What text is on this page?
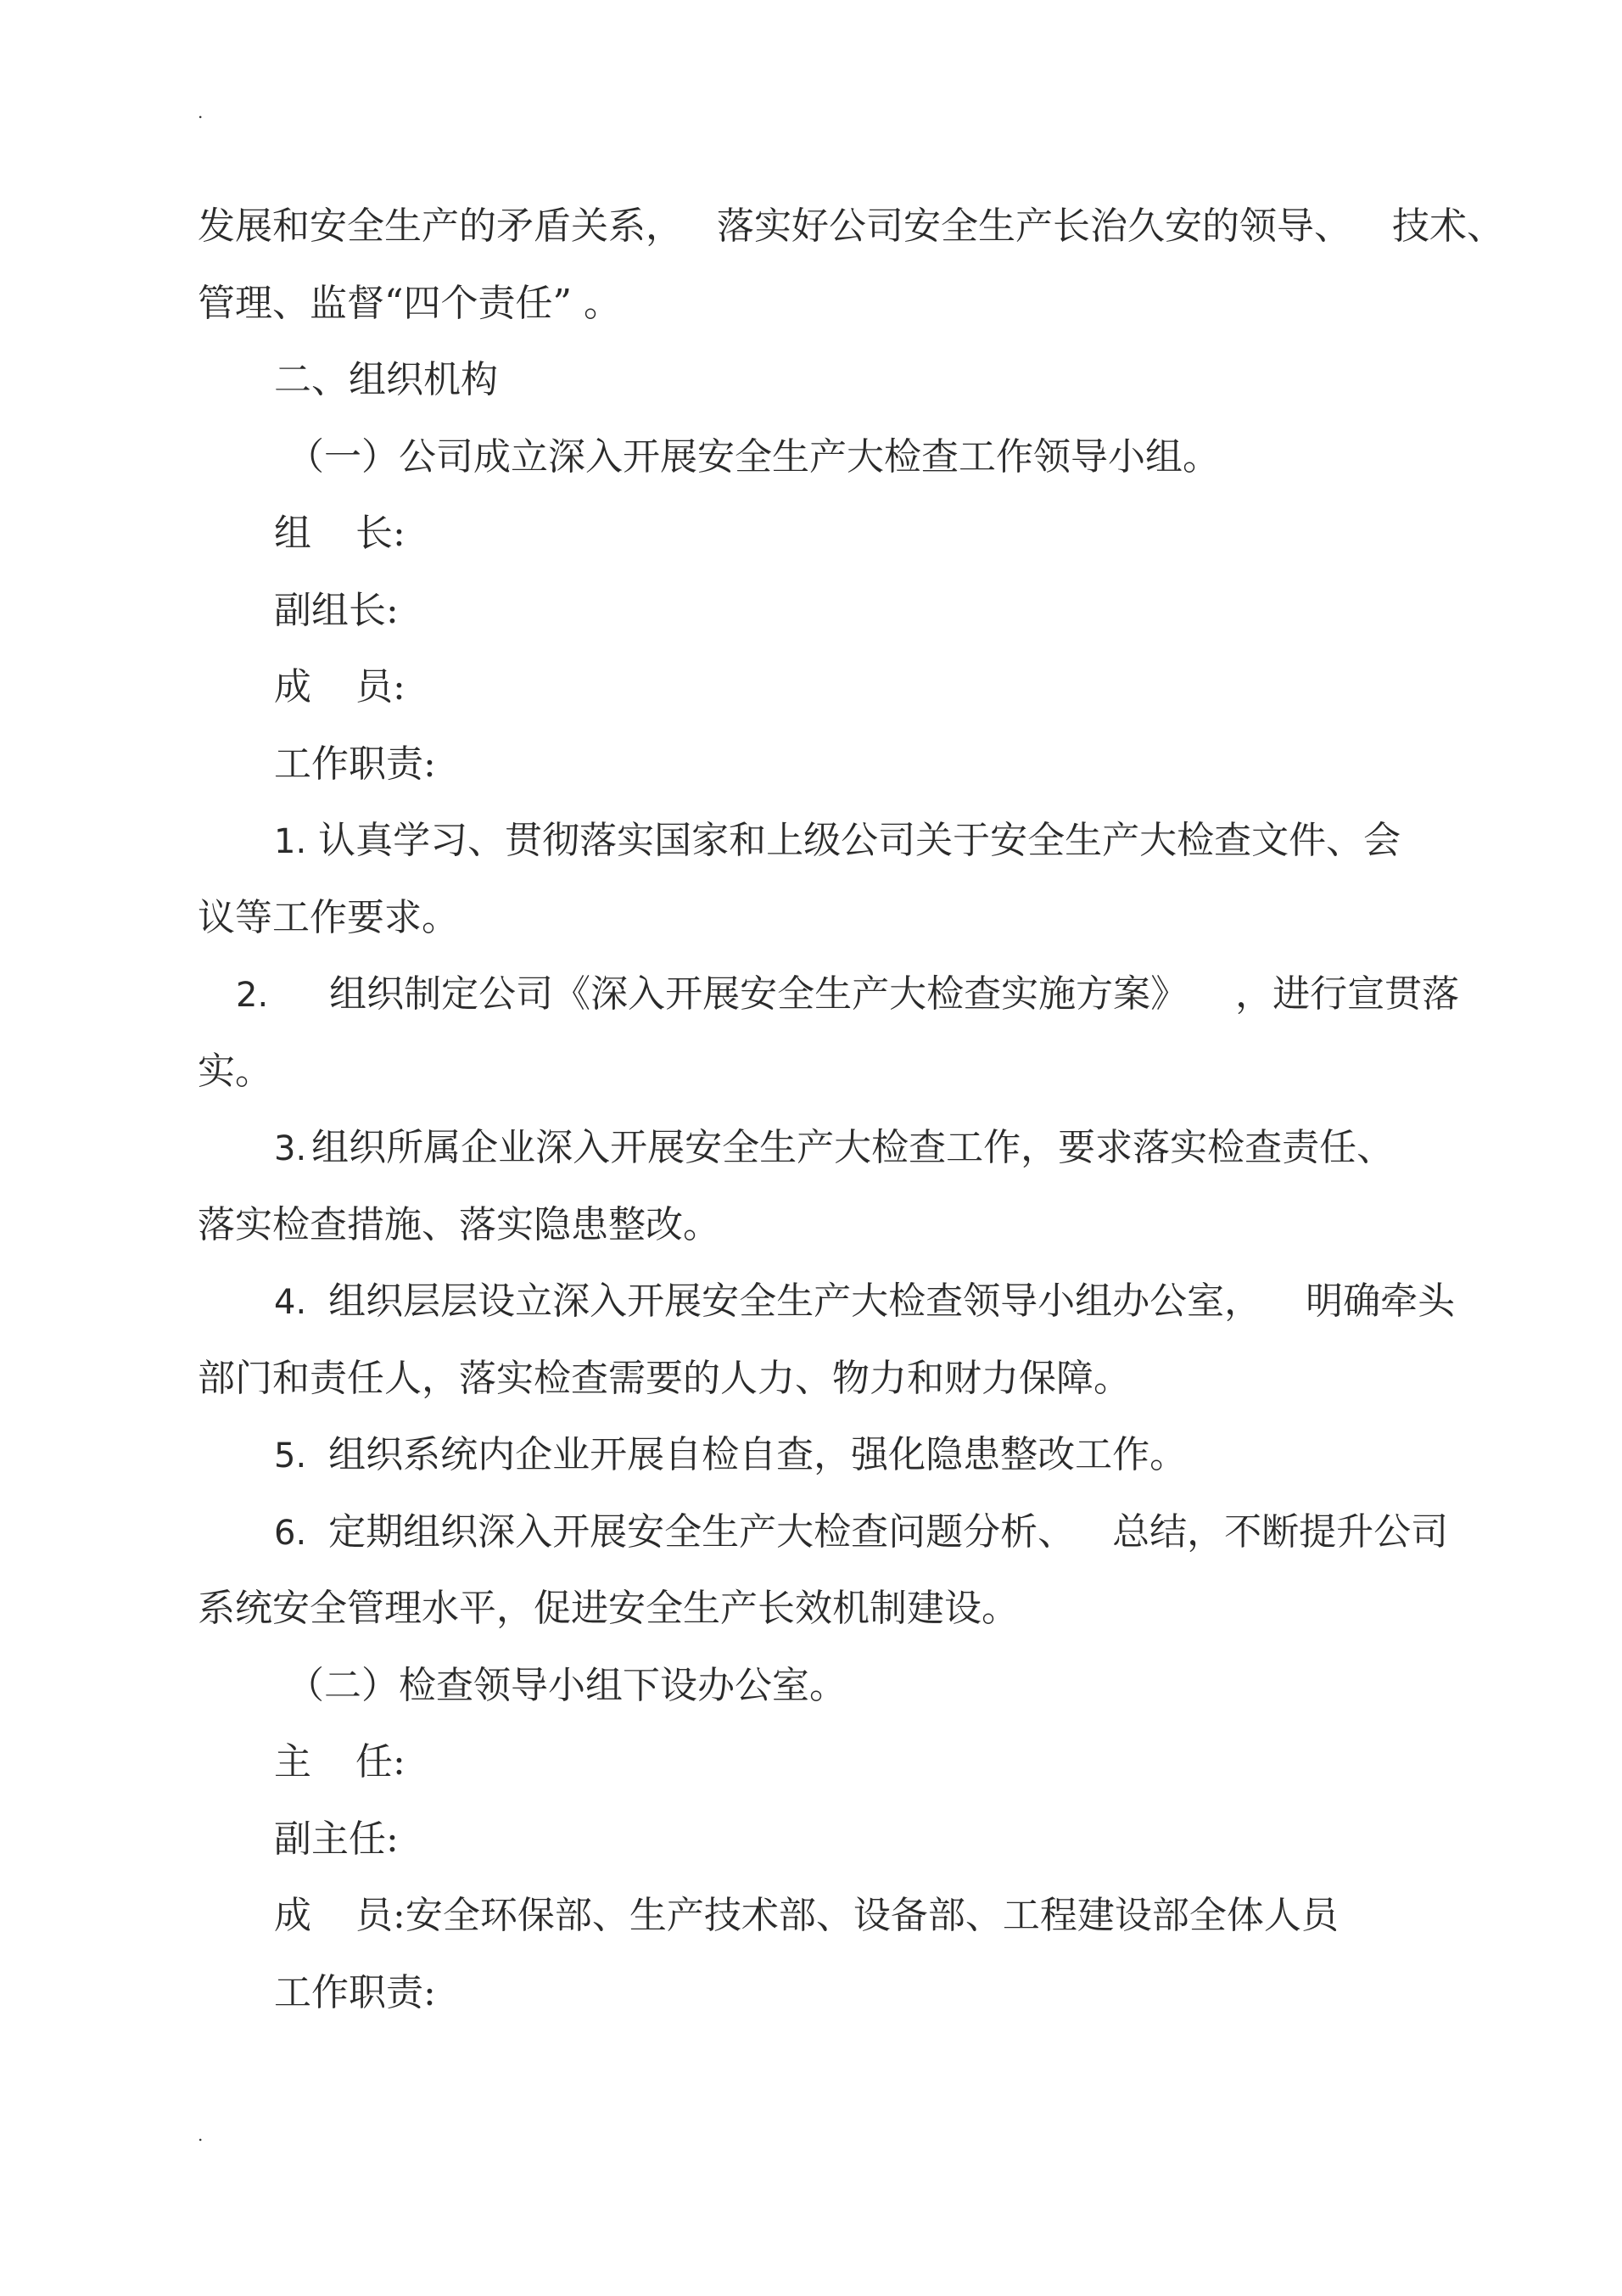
.
发展和安全生产的矛盾关系， 落实好公司安全生产长治久安的领导、 技术、
管理、监督“四个责任” 。
二、组织机构
（一）公司成立深入开展安全生产大检查工作领导小组。
组 长:
副组长:
成 员:
工作职责:
1. 认真学习、贯彻落实国家和上级公司关于安全生产大检查文件、会
议等工作要求。
2. 组织制定公司《深入开展安全生产大检查实施方案》 ，进行宣贯落
实。
3. 组织所属企业深入开展安全生产大检查工作，要求落实检查责任、
落实检查措施、落实隐患整改。
4. 组织层层设立深入开展安全生产大检查领导小组办公室， 明确牵头
部门和责任人，落实检查需要的人力、物力和财力保障。
5. 组织系统内企业开展自检自查，强化隐患整改工作。
6. 定期组织深入开展安全生产大检查问题分析、 总结，不断提升公司
系统安全管理水平，促进安全生产长效机制建设。
（二）检查领导小组下设办公室。
主 任:
副主任:
成 员:安全环保部、生产技术部、设备部、工程建设部全体人员
工作职责:
.
